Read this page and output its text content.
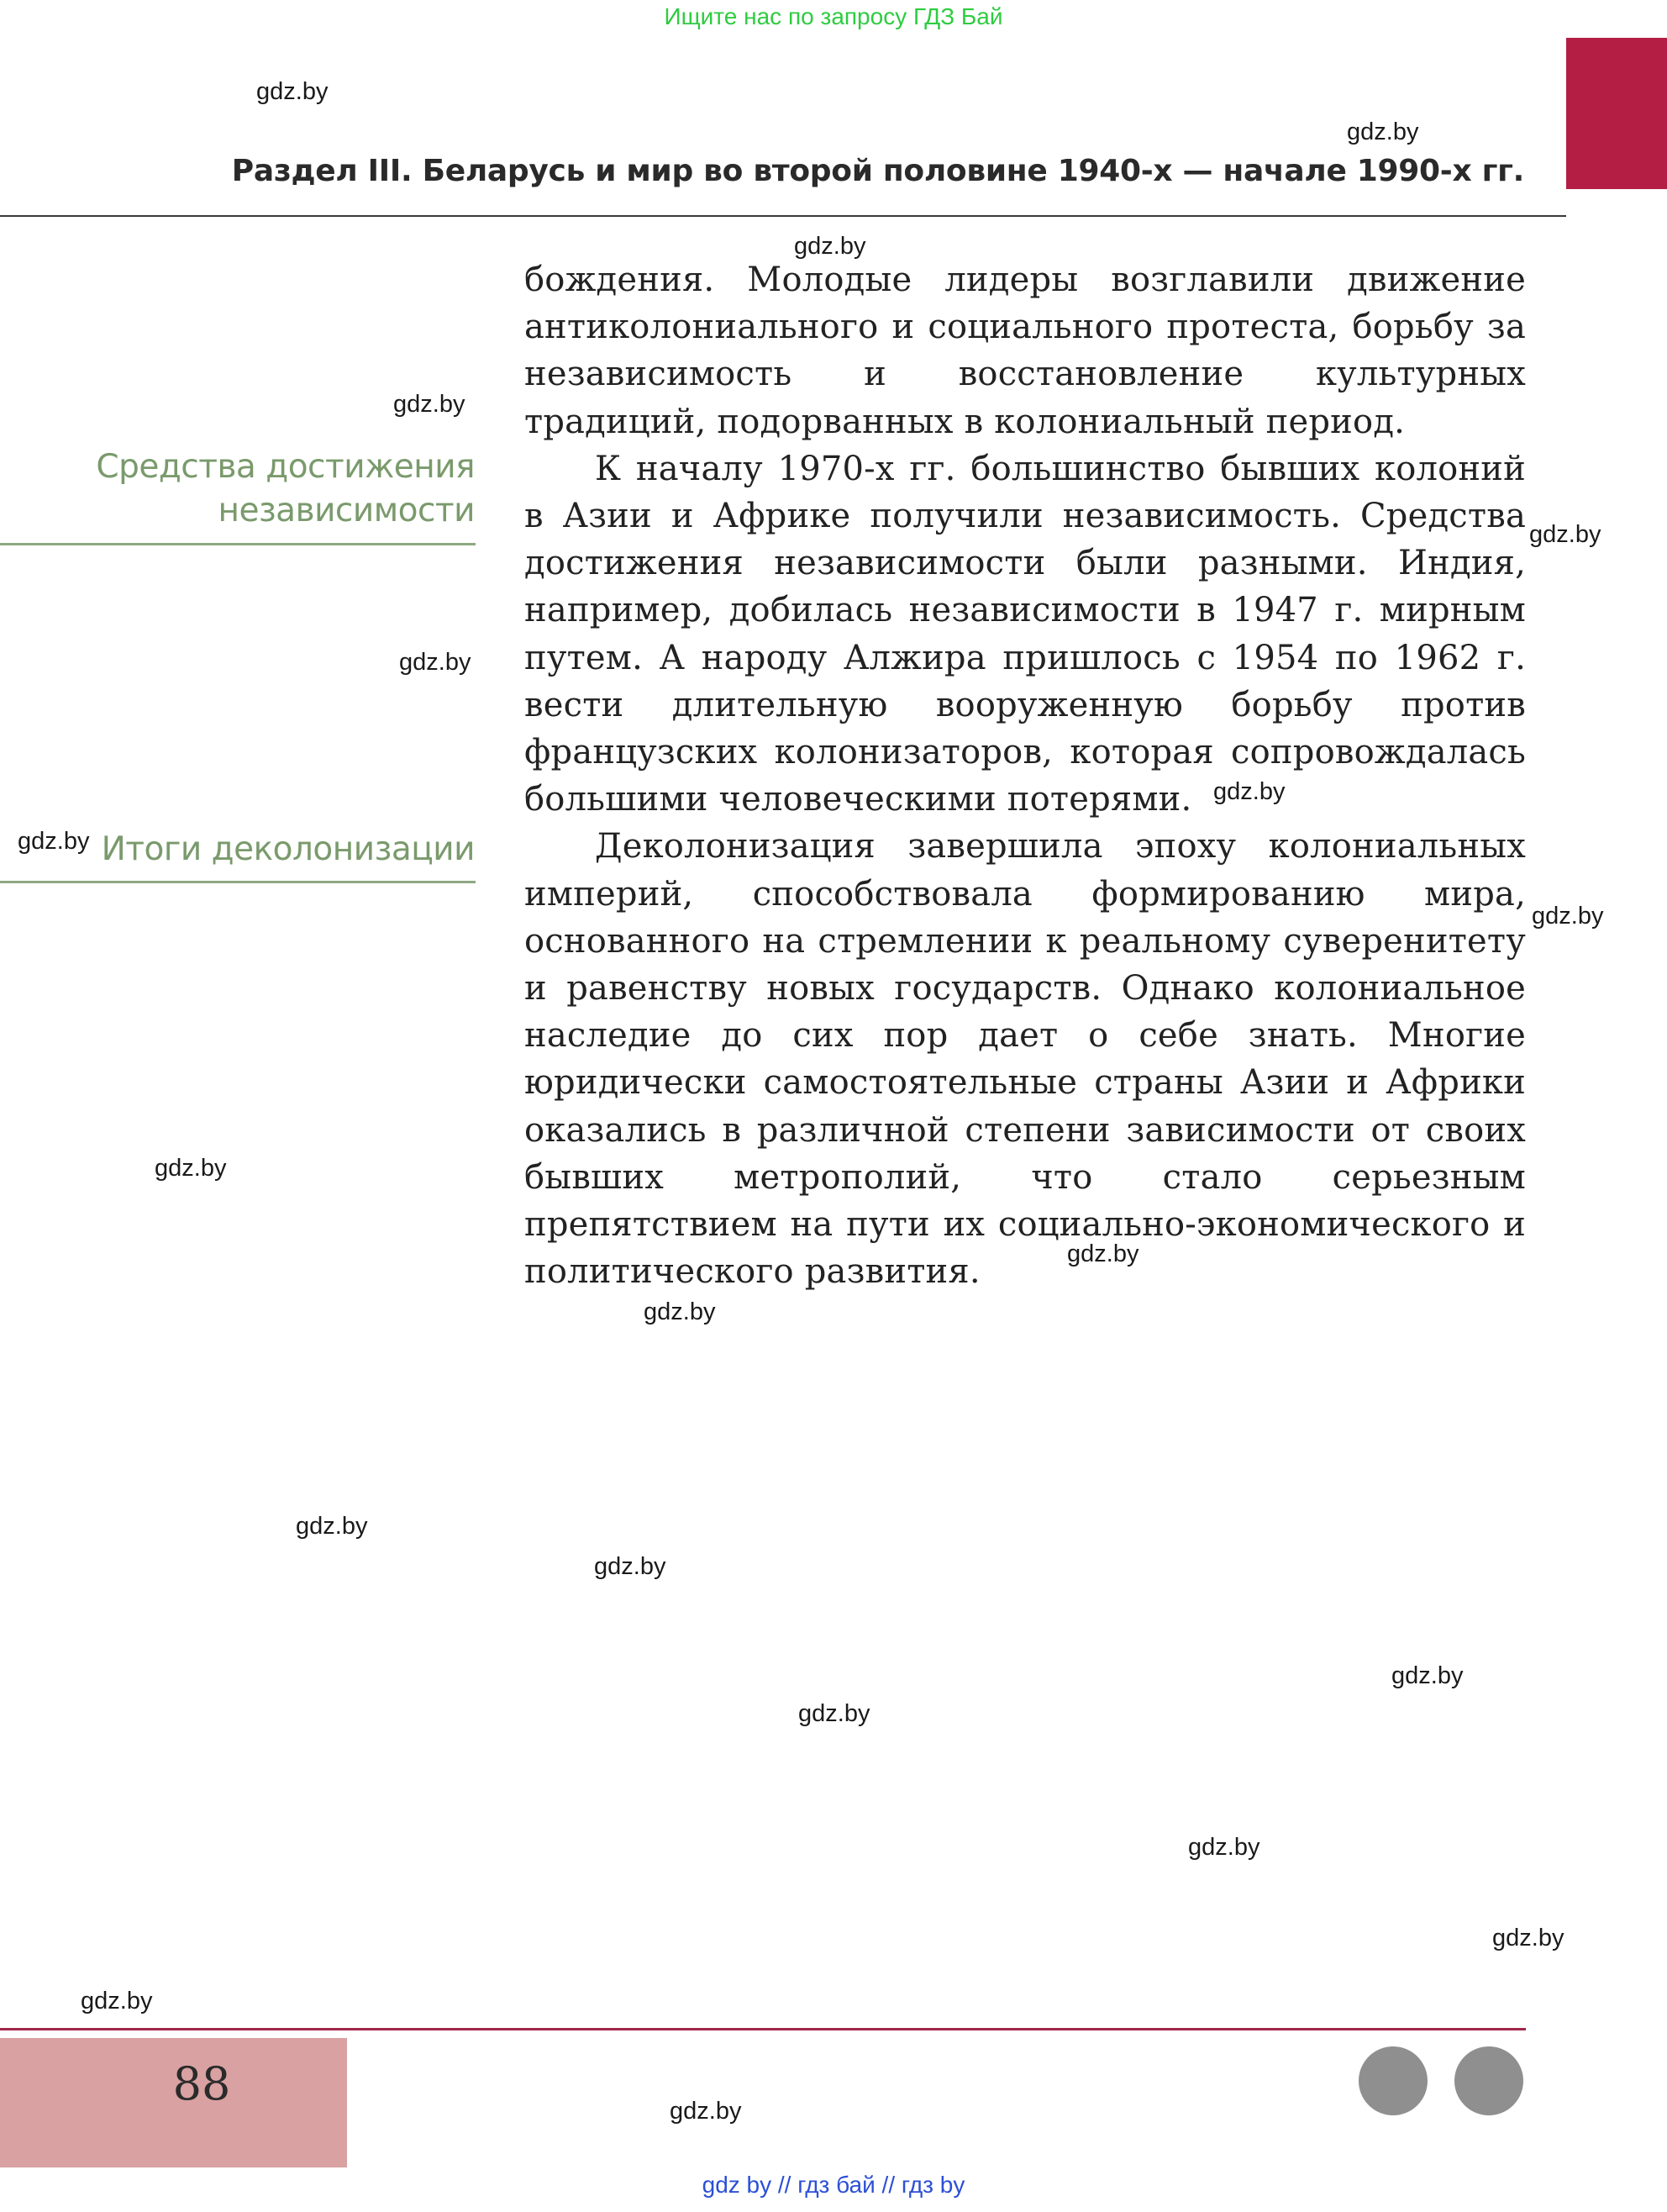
Ищите нас по запросу ГДЗ Бай
Раздел III. Беларусь и мир во второй половине 1940-х — начале 1990-х гг.
Средства достижения
независимости
Итоги деколонизации

бождения. Молодые лидеры возглавили движение антиколониального и социального протеста, борьбу за независимость и восстановление культурных традиций, подорванных в колониальный период.

К началу 1970-х гг. большинство бывших колоний в Азии и Африке получили независимость. Средства достижения независимости были разными. Индия, например, добилась независимости в 1947 г. мирным путем. А народу Алжира пришлось с 1954 по 1962 г. вести длительную вооруженную борьбу против французских колонизаторов, которая сопровождалась большими человеческими потерями.

Деколонизация завершила эпоху колониальных империй, способствовала формированию мира, основанного на стремлении к реальному суверенитету и равенству новых государств. Однако колониальное наследие до сих пор дает о себе знать. Многие юридически самостоятельные страны Азии и Африки оказались в различной степени зависимости от своих бывших метрополий, что стало серьезным препятствием на пути их социально-экономического и политического развития.

gdz.by
gdz.by
gdz.by
gdz.by
gdz.by
gdz.by
gdz.by
gdz.by
gdz.by
gdz.by
gdz.by
gdz.by
gdz.by
gdz.by
gdz.by
gdz.by
gdz.by
gdz.by
gdz.by
gdz.by
88
gdz by // гдз бай // гдз by
